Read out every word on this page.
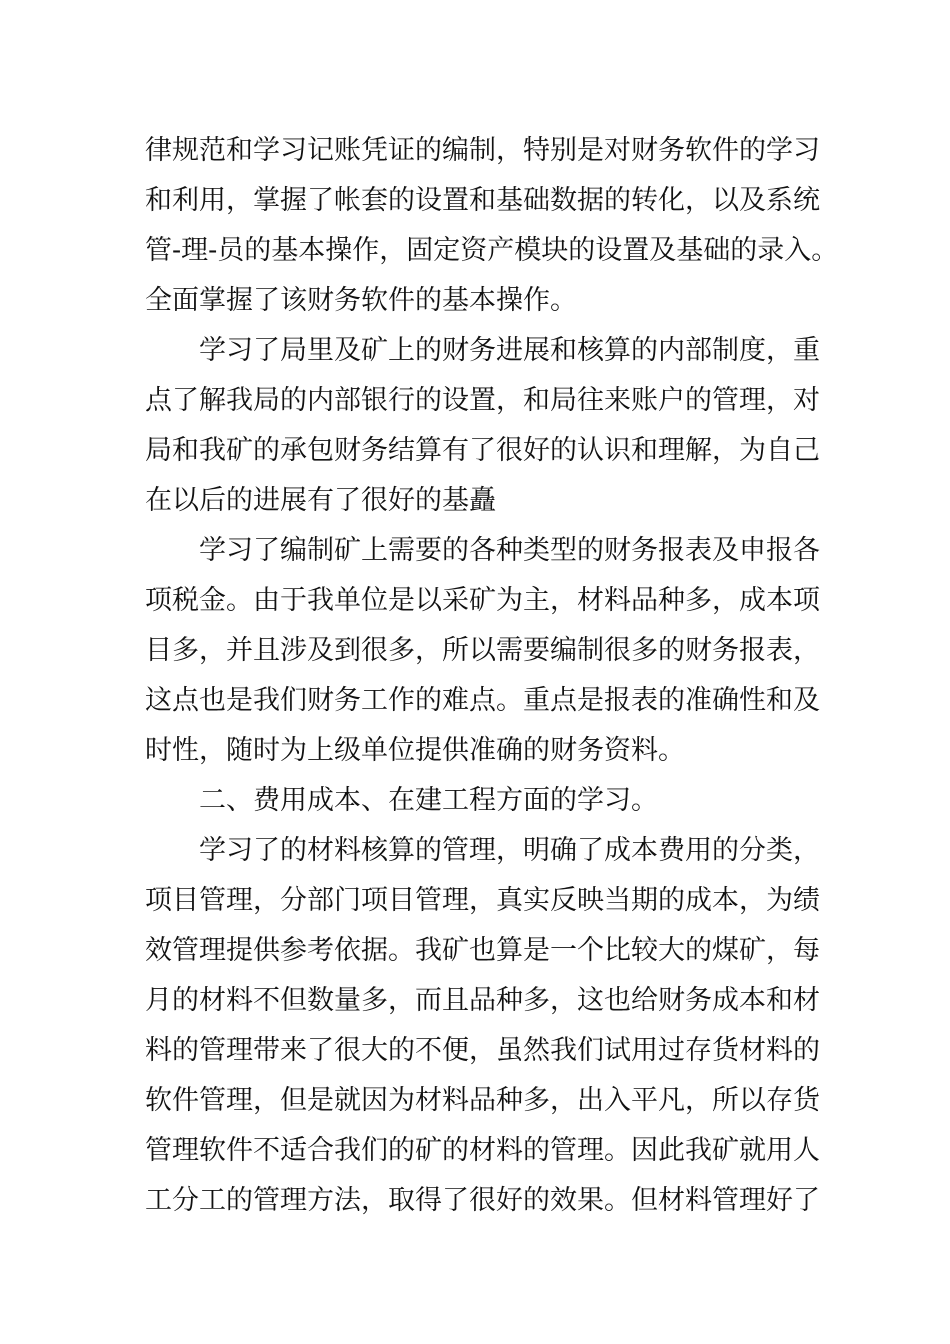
律规范和学习记账凭证的编制，特别是对财务软件的学习
和利用，掌握了帐套的设置和基础数据的转化，以及系统
管-理-员的基本操作，固定资产模块的设置及基础的录入。
全面掌握了该财务软件的基本操作。
学习了局里及矿上的财务进展和核算的内部制度，重
点了解我局的内部银行的设置，和局往来账户的管理，对
局和我矿的承包财务结算有了很好的认识和理解，为自己
在以后的进展有了很好的基矗
学习了编制矿上需要的各种类型的财务报表及申报各
项税金。由于我单位是以采矿为主，材料品种多，成本项
目多，并且涉及到很多，所以需要编制很多的财务报表，
这点也是我们财务工作的难点。重点是报表的准确性和及
时性，随时为上级单位提供准确的财务资料。
二、费用成本、在建工程方面的学习。
学习了的材料核算的管理，明确了成本费用的分类，
项目管理，分部门项目管理，真实反映当期的成本，为绩
效管理提供参考依据。我矿也算是一个比较大的煤矿，每
月的材料不但数量多，而且品种多，这也给财务成本和材
料的管理带来了很大的不便，虽然我们试用过存货材料的
软件管理，但是就因为材料品种多，出入平凡，所以存货
管理软件不适合我们的矿的材料的管理。因此我矿就用人
工分工的管理方法，取得了很好的效果。但材料管理好了
